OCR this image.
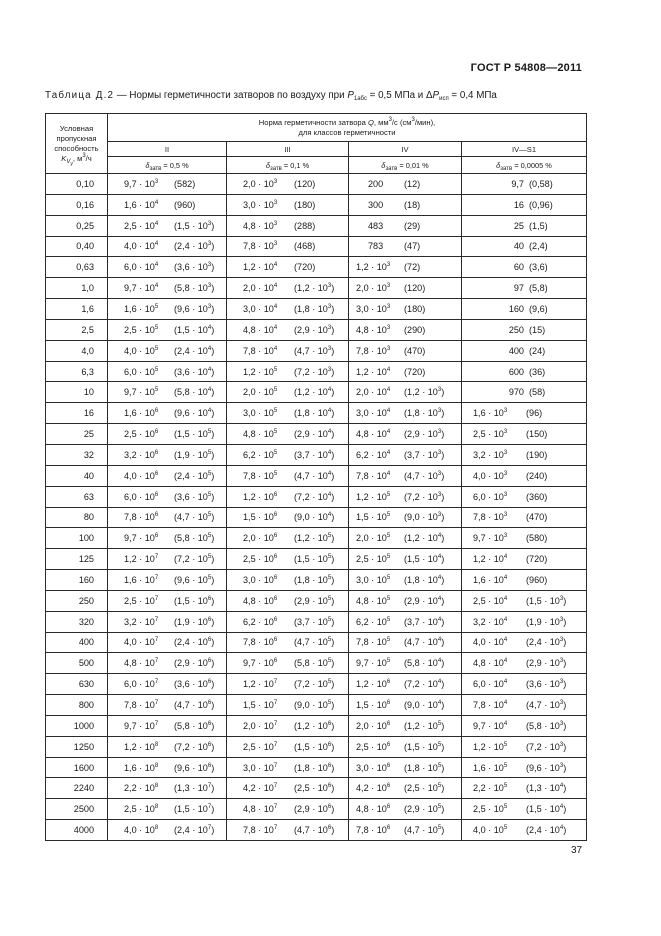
ГОСТ Р 54808—2011
Таблица Д.2 — Нормы герметичности затворов по воздуху при $P_{1абс} = 0,5$ МПа и $\Delta P_{исп} = 0,4$ МПа
Условная
пропускная
способность
$K_{V_y}$, $м^3/ч$	Норма герметичности затвора Q, $мм^3/с$ $(см^3/мин)$,
для классов герметичности			
	II	III	IV	IV—S1
	$\delta_{затв} = 0,5$ %	$\delta_{затв} = 0,1$ %	$\delta_{затв} = 0,01$ %	$\delta_{затв} = 0,0005$ %
0,10	$9,7 \cdot 10^3$ (582)	$2,0 \cdot 10^3$ (120)	200 (12)	9,7 (0,58)
0,16	$1,6 \cdot 10^4$ (960)	$3,0 \cdot 10^3$ (180)	300 (18)	16 (0,96)
0,25	$2,5 \cdot 10^4$ $(1,5 \cdot 10^3)$	$4,8 \cdot 10^3$ (288)	483 (29)	25 (1,5)
0,40	$4,0 \cdot 10^4$ $(2,4 \cdot 10^3)$	$7,8 \cdot 10^3$ (468)	783 (47)	40 (2,4)
0,63	$6,0 \cdot 10^4$ $(3,6 \cdot 10^3)$	$1,2 \cdot 10^4$ (720)	$1,2 \cdot 10^3$ (72)	60 (3,6)
1,0	$9,7 \cdot 10^4$ $(5,8 \cdot 10^3)$	$2,0 \cdot 10^4$ $(1,2 \cdot 10^3)$	$2,0 \cdot 10^3$ (120)	97 (5,8)
1,6	$1,6 \cdot 10^5$ $(9,6 \cdot 10^3)$	$3,0 \cdot 10^4$ $(1,8 \cdot 10^3)$	$3,0 \cdot 10^3$ (180)	160 (9,6)
2,5	$2,5 \cdot 10^5$ $(1,5 \cdot 10^4)$	$4,8 \cdot 10^4$ $(2,9 \cdot 10^3)$	$4,8 \cdot 10^3$ (290)	250 (15)
4,0	$4,0 \cdot 10^5$ $(2,4 \cdot 10^4)$	$7,8 \cdot 10^4$ $(4,7 \cdot 10^3)$	$7,8 \cdot 10^3$ (470)	400 (24)
6,3	$6,0 \cdot 10^5$ $(3,6 \cdot 10^4)$	$1,2 \cdot 10^5$ $(7,2 \cdot 10^3)$	$1,2 \cdot 10^4$ (720)	600 (36)
10	$9,7 \cdot 10^5$ $(5,8 \cdot 10^4)$	$2,0 \cdot 10^5$ $(1,2 \cdot 10^4)$	$2,0 \cdot 10^4$ $(1,2 \cdot 10^3)$	970 (58)
16	$1,6 \cdot 10^6$ $(9,6 \cdot 10^4)$	$3,0 \cdot 10^5$ $(1,8 \cdot 10^4)$	$3,0 \cdot 10^4$ $(1,8 \cdot 10^3)$	$1,6 \cdot 10^3$ (96)
25	$2,5 \cdot 10^6$ $(1,5 \cdot 10^5)$	$4,8 \cdot 10^5$ $(2,9 \cdot 10^4)$	$4,8 \cdot 10^4$ $(2,9 \cdot 10^3)$	$2,5 \cdot 10^3$ (150)
32	$3,2 \cdot 10^6$ $(1,9 \cdot 10^5)$	$6,2 \cdot 10^5$ $(3,7 \cdot 10^4)$	$6,2 \cdot 10^4$ $(3,7 \cdot 10^3)$	$3,2 \cdot 10^3$ (190)
40	$4,0 \cdot 10^6$ $(2,4 \cdot 10^5)$	$7,8 \cdot 10^5$ $(4,7 \cdot 10^4)$	$7,8 \cdot 10^4$ $(4,7 \cdot 10^3)$	$4,0 \cdot 10^3$ (240)
63	$6,0 \cdot 10^6$ $(3,6 \cdot 10^5)$	$1,2 \cdot 10^6$ $(7,2 \cdot 10^4)$	$1,2 \cdot 10^5$ $(7,2 \cdot 10^3)$	$6,0 \cdot 10^3$ (360)
80	$7,8 \cdot 10^6$ $(4,7 \cdot 10^5)$	$1,5 \cdot 10^6$ $(9,0 \cdot 10^4)$	$1,5 \cdot 10^5$ $(9,0 \cdot 10^3)$	$7,8 \cdot 10^3$ (470)
100	$9,7 \cdot 10^6$ $(5,8 \cdot 10^5)$	$2,0 \cdot 10^6$ $(1,2 \cdot 10^5)$	$2,0 \cdot 10^5$ $(1,2 \cdot 10^4)$	$9,7 \cdot 10^3$ (580)
125	$1,2 \cdot 10^7$ $(7,2 \cdot 10^5)$	$2,5 \cdot 10^6$ $(1,5 \cdot 10^5)$	$2,5 \cdot 10^5$ $(1,5 \cdot 10^4)$	$1,2 \cdot 10^4$ (720)
160	$1,6 \cdot 10^7$ $(9,6 \cdot 10^5)$	$3,0 \cdot 10^6$ $(1,8 \cdot 10^5)$	$3,0 \cdot 10^5$ $(1,8 \cdot 10^4)$	$1,6 \cdot 10^4$ (960)
250	$2,5 \cdot 10^7$ $(1,5 \cdot 10^6)$	$4,8 \cdot 10^6$ $(2,9 \cdot 10^5)$	$4,8 \cdot 10^5$ $(2,9 \cdot 10^4)$	$2,5 \cdot 10^4$ $(1,5 \cdot 10^3)$
320	$3,2 \cdot 10^7$ $(1,9 \cdot 10^6)$	$6,2 \cdot 10^6$ $(3,7 \cdot 10^5)$	$6,2 \cdot 10^5$ $(3,7 \cdot 10^4)$	$3,2 \cdot 10^4$ $(1,9 \cdot 10^3)$
400	$4,0 \cdot 10^7$ $(2,4 \cdot 10^6)$	$7,8 \cdot 10^6$ $(4,7 \cdot 10^5)$	$7,8 \cdot 10^5$ $(4,7 \cdot 10^4)$	$4,0 \cdot 10^4$ $(2,4 \cdot 10^3)$
500	$4,8 \cdot 10^7$ $(2,9 \cdot 10^6)$	$9,7 \cdot 10^6$ $(5,8 \cdot 10^5)$	$9,7 \cdot 10^5$ $(5,8 \cdot 10^4)$	$4,8 \cdot 10^4$ $(2,9 \cdot 10^3)$
630	$6,0 \cdot 10^7$ $(3,6 \cdot 10^6)$	$1,2 \cdot 10^7$ $(7,2 \cdot 10^5)$	$1,2 \cdot 10^6$ $(7,2 \cdot 10^4)$	$6,0 \cdot 10^4$ $(3,6 \cdot 10^3)$
800	$7,8 \cdot 10^7$ $(4,7 \cdot 10^6)$	$1,5 \cdot 10^7$ $(9,0 \cdot 10^5)$	$1,5 \cdot 10^6$ $(9,0 \cdot 10^4)$	$7,8 \cdot 10^4$ $(4,7 \cdot 10^3)$
1000	$9,7 \cdot 10^7$ $(5,8 \cdot 10^6)$	$2,0 \cdot 10^7$ $(1,2 \cdot 10^6)$	$2,0 \cdot 10^6$ $(1,2 \cdot 10^5)$	$9,7 \cdot 10^4$ $(5,8 \cdot 10^3)$
1250	$1,2 \cdot 10^8$ $(7,2 \cdot 10^6)$	$2,5 \cdot 10^7$ $(1,5 \cdot 10^6)$	$2,5 \cdot 10^6$ $(1,5 \cdot 10^5)$	$1,2 \cdot 10^5$ $(7,2 \cdot 10^3)$
1600	$1,6 \cdot 10^8$ $(9,6 \cdot 10^6)$	$3,0 \cdot 10^7$ $(1,8 \cdot 10^6)$	$3,0 \cdot 10^6$ $(1,8 \cdot 10^5)$	$1,6 \cdot 10^5$ $(9,6 \cdot 10^3)$
2240	$2,2 \cdot 10^8$ $(1,3 \cdot 10^7)$	$4,2 \cdot 10^7$ $(2,5 \cdot 10^6)$	$4,2 \cdot 10^6$ $(2,5 \cdot 10^5)$	$2,2 \cdot 10^5$ $(1,3 \cdot 10^4)$
2500	$2,5 \cdot 10^8$ $(1,5 \cdot 10^7)$	$4,8 \cdot 10^7$ $(2,9 \cdot 10^6)$	$4,8 \cdot 10^6$ $(2,9 \cdot 10^5)$	$2,5 \cdot 10^5$ $(1,5 \cdot 10^4)$
4000	$4,0 \cdot 10^8$ $(2,4 \cdot 10^7)$	$7,8 \cdot 10^7$ $(4,7 \cdot 10^6)$	$7,8 \cdot 10^6$ $(4,7 \cdot 10^5)$	$4,0 \cdot 10^5$ $(2,4 \cdot 10^4)$
37
